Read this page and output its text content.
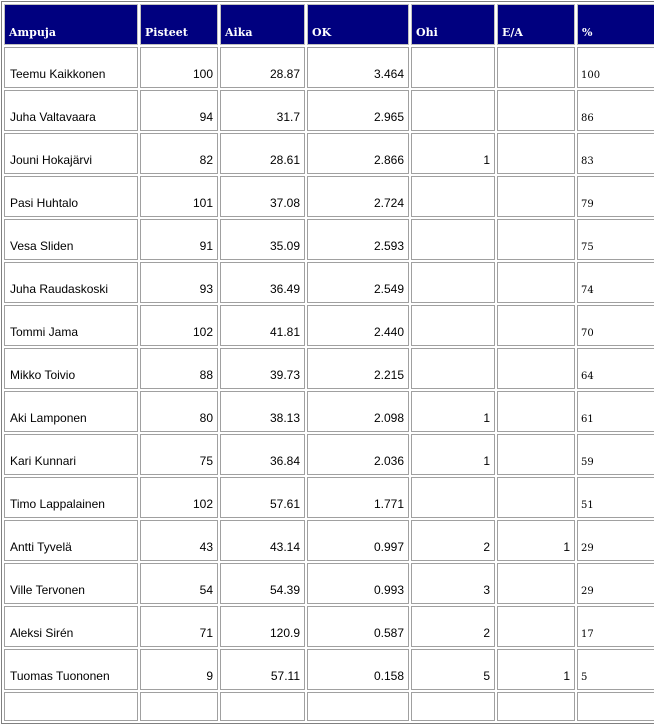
Ampuja	Pisteet	Aika	OK	Ohi	E/A	%
Teemu Kaikkonen	100	28.87	3.464			100
Juha Valtavaara	94	31.7	2.965			86
Jouni Hokajärvi	82	28.61	2.866	1		83
Pasi Huhtalo	101	37.08	2.724			79
Vesa Sliden	91	35.09	2.593			75
Juha Raudaskoski	93	36.49	2.549			74
Tommi Jama	102	41.81	2.440			70
Mikko Toivio	88	39.73	2.215			64
Aki Lamponen	80	38.13	2.098	1		61
Kari Kunnari	75	36.84	2.036	1		59
Timo Lappalainen	102	57.61	1.771			51
Antti Tyvelä	43	43.14	0.997	2	1	29
Ville Tervonen	54	54.39	0.993	3		29
Aleksi Sirén	71	120.9	0.587	2		17
Tuomas Tuononen	9	57.11	0.158	5	1	5
